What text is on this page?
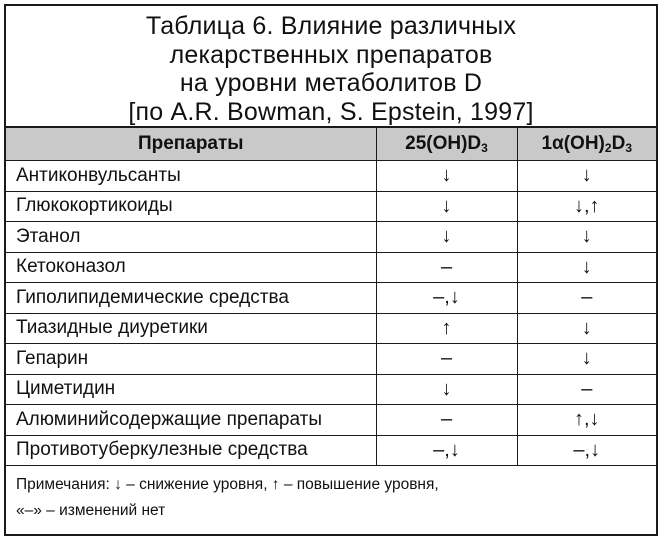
Таблица 6. Влияние различных
лекарственных препаратов
на уровни метаболитов D
[по A.R. Bowman, S. Epstein, 1997]
Препараты	$25(OH)D_3$	$1\alpha(OH)_2D_3$
Антиконвульсанты	↓	↓
Глюкокортикоиды	↓	↓,↑
Этанол	↓	↓
Кетоконазол	–	↓
Гиполипидемические средства	–,↓	–
Тиазидные диуретики	↑	↓
Гепарин	–	↓
Циметидин	↓	–
Алюминийсодержащие препараты	–	↑,↓
Противотуберкулезные средства	–,↓	–,↓
Примечания: ↓ – снижение уровня, ↑ – повышение уровня,
«–» – изменений нет
